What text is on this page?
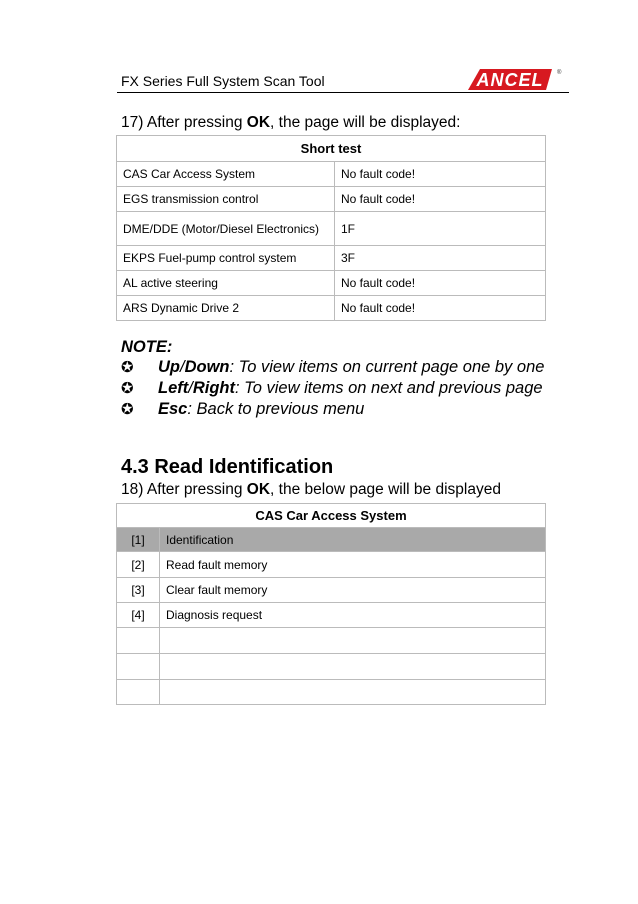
FX Series Full System Scan Tool	ANCEL ®
17) After pressing OK, the page will be displayed:
Short test	
CAS Car Access System	No fault code!
EGS transmission control	No fault code!
DME/DDE (Motor/Diesel Electronics)	1F
EKPS Fuel-pump control system	3F
AL active steering	No fault code!
ARS Dynamic Drive 2	No fault code!
NOTE:
✪ Up/Down: To view items on current page one by one
✪ Left/Right: To view items on next and previous page
✪ Esc: Back to previous menu
4.3 Read Identification
18) After pressing OK, the below page will be displayed
CAS Car Access System	
[1]	Identification
[2]	Read fault memory
[3]	Clear fault memory
[4]	Diagnosis request
